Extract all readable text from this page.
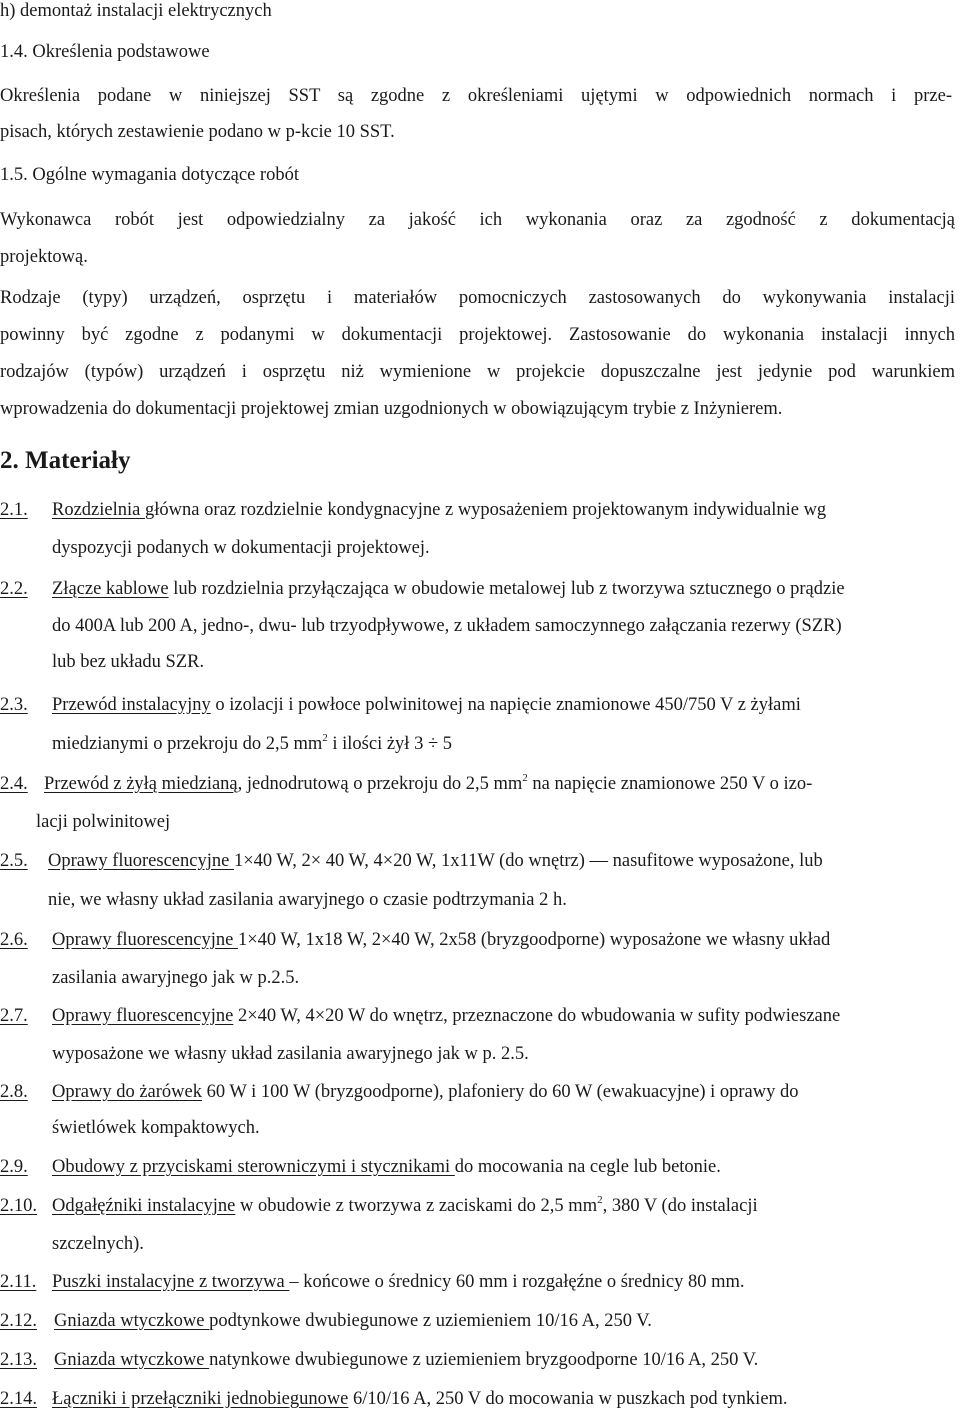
h) demontaż instalacji elektrycznych
1.4. Określenia podstawowe
Określenia podane w niniejszej SST są zgodne z określeniami ujętymi w odpowiednich normach i prze-
pisach, których zestawienie podano w p-kcie 10 SST.
1.5. Ogólne wymagania dotyczące robót
Wykonawca robót jest odpowiedzialny za jakość ich wykonania oraz za zgodność z dokumentacją
projektową.
Rodzaje (typy) urządzeń, osprzętu i materiałów pomocniczych zastosowanych do wykonywania instalacji
powinny być zgodne z podanymi w dokumentacji projektowej. Zastosowanie do wykonania instalacji innych
rodzajów (typów) urządzeń i osprzętu niż wymienione w projekcie dopuszczalne jest jedynie pod warunkiem
wprowadzenia do dokumentacji projektowej zmian uzgodnionych w obowiązującym trybie z Inżynierem.
2. Materiały
2.1. Rozdzielnia główna oraz rozdzielnie kondygnacyjne z wyposażeniem projektowanym indywidualnie wg
dyspozycji podanych w dokumentacji projektowej.
2.2. Złącze kablowe lub rozdzielnia przyłączająca w obudowie metalowej lub z tworzywa sztucznego o prądzie
do 400A lub 200 A, jedno-, dwu- lub trzyodpływowe, z układem samoczynnego załączania rezerwy (SZR)
lub bez układu SZR.
2.3. Przewód instalacyjny o izolacji i powłoce polwinitowej na napięcie znamionowe 450/750 V z żyłami
miedzianymi o przekroju do 2,5 $mm^2$ i ilości żył 3 ÷ 5
2.4. Przewód z żyłą miedzianą, jednodrutową o przekroju do 2,5 $mm^2$ na napięcie znamionowe 250 V o izo-
lacji polwinitowej
2.5. Oprawy fluorescencyjne 1×40 W, 2× 40 W, 4×20 W, 1x11W (do wnętrz) — nasufitowe wyposażone, lub
nie, we własny układ zasilania awaryjnego o czasie podtrzymania 2 h.
2.6. Oprawy fluorescencyjne 1×40 W, 1x18 W, 2×40 W, 2x58 (bryzgoodporne) wyposażone we własny układ
zasilania awaryjnego jak w p.2.5.
2.7. Oprawy fluorescencyjne 2×40 W, 4×20 W do wnętrz, przeznaczone do wbudowania w sufity podwieszane
wyposażone we własny układ zasilania awaryjnego jak w p. 2.5.
2.8. Oprawy do żarówek 60 W i 100 W (bryzgoodporne), plafoniery do 60 W (ewakuacyjne) i oprawy do
świetlówek kompaktowych.
2.9. Obudowy z przyciskami sterowniczymi i stycznikami do mocowania na cegle lub betonie.
2.10. Odgałęźniki instalacyjne w obudowie z tworzywa z zaciskami do 2,5 $mm^2$, 380 V (do instalacji
szczelnych).
2.11. Puszki instalacyjne z tworzywa – końcowe o średnicy 60 mm i rozgałęźne o średnicy 80 mm.
2.12. Gniazda wtyczkowe podtynkowe dwubiegunowe z uziemieniem 10/16 A, 250 V.
2.13. Gniazda wtyczkowe natynkowe dwubiegunowe z uziemieniem bryzgoodporne 10/16 A, 250 V.
2.14. Łączniki i przełączniki jednobiegunowe 6/10/16 A, 250 V do mocowania w puszkach pod tynkiem.
